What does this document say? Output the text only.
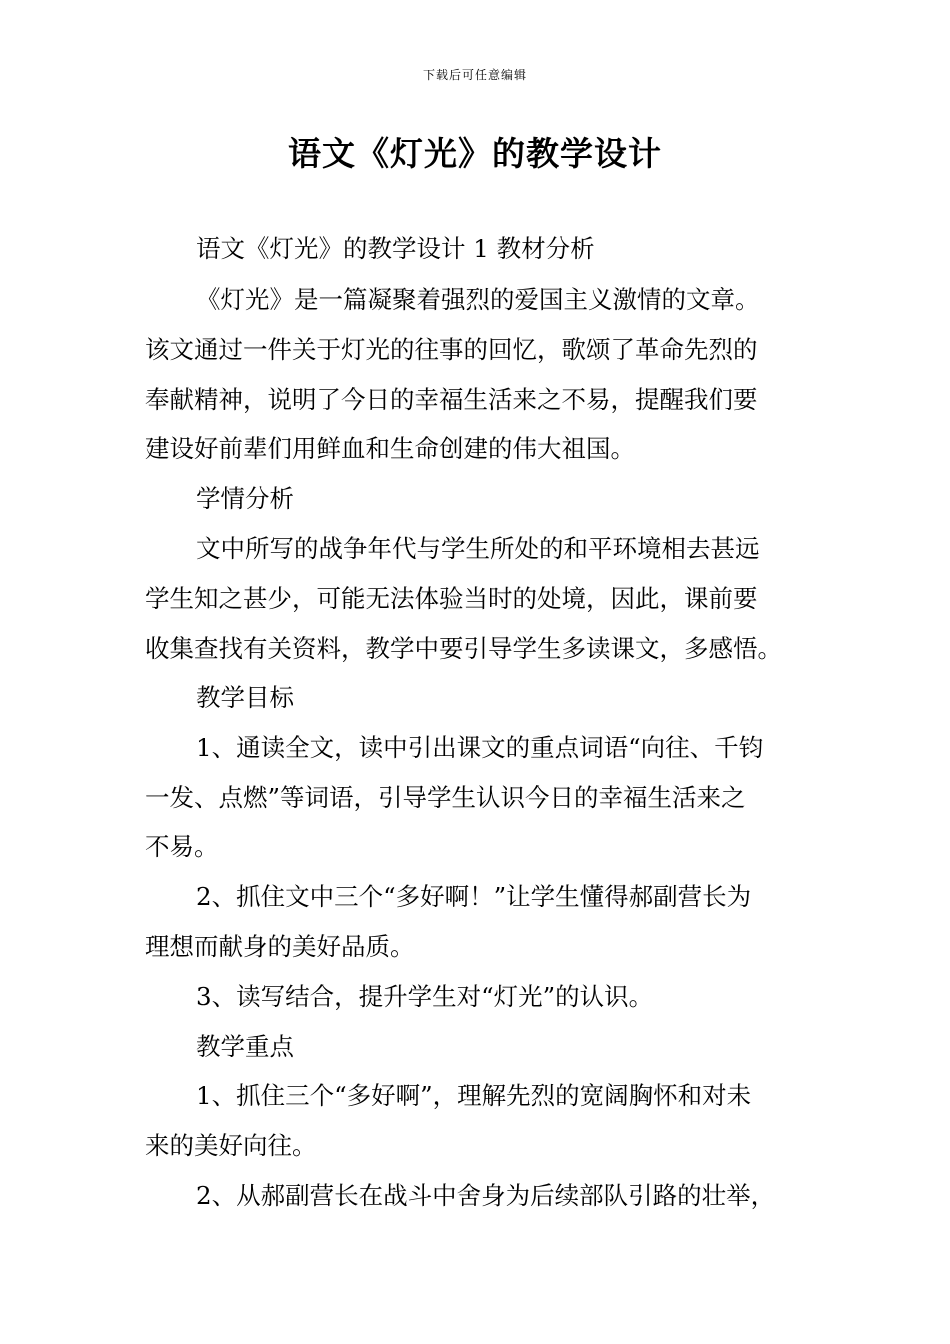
下载后可任意编辑
语文《灯光》的教学设计

语文《灯光》的教学设计 1 教材分析

《灯光》是一篇凝聚着强烈的爱国主义激情的文章。

该文通过一件关于灯光的往事的回忆，歌颂了革命先烈的

奉献精神，说明了今日的幸福生活来之不易，提醒我们要

建设好前辈们用鲜血和生命创建的伟大祖国。

学情分析

文中所写的战争年代与学生所处的和平环境相去甚远

学生知之甚少，可能无法体验当时的处境，因此，课前要

收集查找有关资料，教学中要引导学生多读课文，多感悟。

教学目标

1、通读全文，读中引出课文的重点词语“向往、千钧

一发、点燃”等词语，引导学生认识今日的幸福生活来之

不易。

2、抓住文中三个“多好啊！”让学生懂得郝副营长为

理想而献身的美好品质。

3、读写结合，提升学生对“灯光”的认识。

教学重点

1、抓住三个“多好啊”，理解先烈的宽阔胸怀和对未

来的美好向往。

2、从郝副营长在战斗中舍身为后续部队引路的壮举，
